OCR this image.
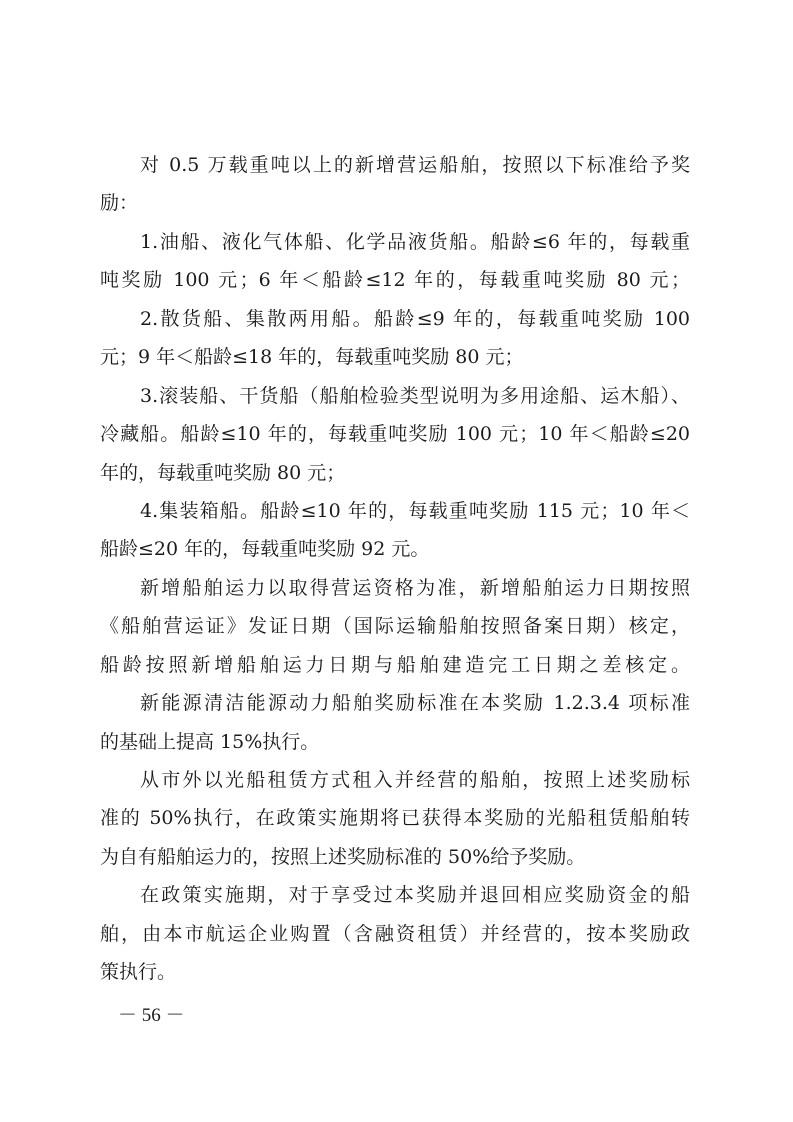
对 0.5 万载重吨以上的新增营运船舶，按照以下标准给予奖
励：
1.油船、液化气体船、化学品液货船。船龄≤6 年的，每载重
吨奖励 100 元；6 年＜船龄≤12 年的，每载重吨奖励 80 元；
2.散货船、集散两用船。船龄≤9 年的，每载重吨奖励 100
元；9 年＜船龄≤18 年的，每载重吨奖励 80 元；
3.滚装船、干货船（船舶检验类型说明为多用途船、运木船）、
冷藏船。船龄≤10 年的，每载重吨奖励 100 元；10 年＜船龄≤20
年的，每载重吨奖励 80 元；
4.集装箱船。船龄≤10 年的，每载重吨奖励 115 元；10 年＜
船龄≤20 年的，每载重吨奖励 92 元。
新增船舶运力以取得营运资格为准，新增船舶运力日期按照
《船舶营运证》发证日期（国际运输船舶按照备案日期）核定，
船龄按照新增船舶运力日期与船舶建造完工日期之差核定。
新能源清洁能源动力船舶奖励标准在本奖励 1.2.3.4 项标准
的基础上提高 15%执行。
从市外以光船租赁方式租入并经营的船舶，按照上述奖励标
准的 50%执行，在政策实施期将已获得本奖励的光船租赁船舶转
为自有船舶运力的，按照上述奖励标准的 50%给予奖励。
在政策实施期，对于享受过本奖励并退回相应奖励资金的船
舶，由本市航运企业购置（含融资租赁）并经营的，按本奖励政
策执行。
－ 56 －
